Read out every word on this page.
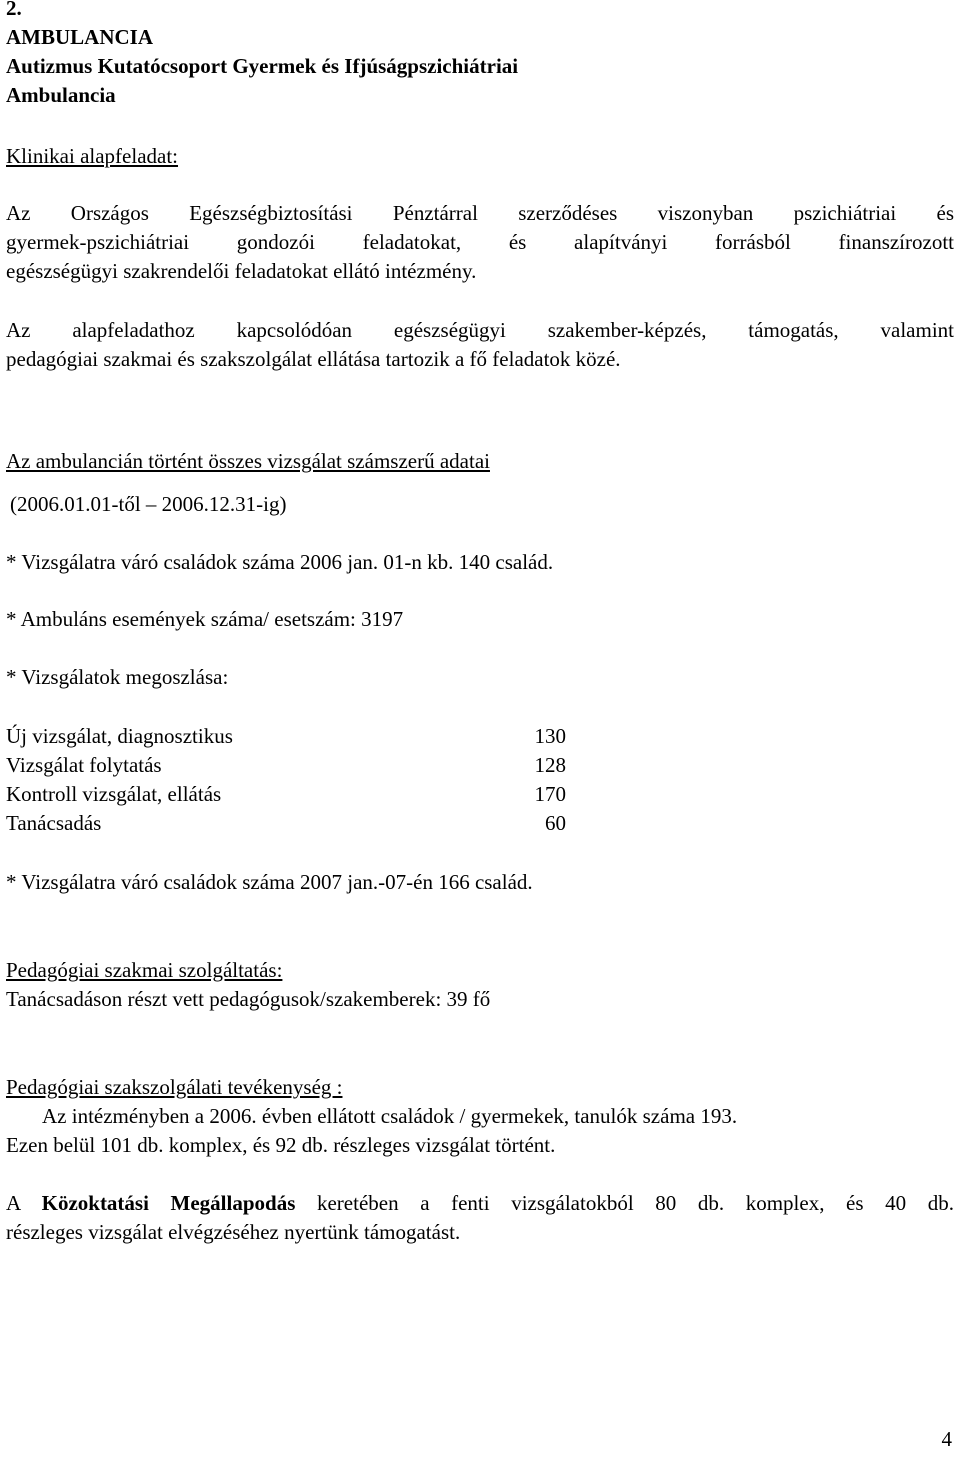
2.
AMBULANCIA
Autizmus Kutatócsoport Gyermek és Ifjúságpszichiátriai
Ambulancia
Klinikai alapfeladat:
Az Országos Egészségbiztosítási Pénztárral szerződéses viszonyban pszichiátriai és
gyermek-pszichiátriai gondozói feladatokat, és alapítványi forrásból finanszírozott
egészségügyi szakrendelői feladatokat ellátó intézmény.
Az alapfeladathoz kapcsolódóan egészségügyi szakember-képzés, támogatás, valamint
pedagógiai szakmai és szakszolgálat ellátása tartozik a fő feladatok közé.
Az ambulancián történt összes vizsgálat számszerű adatai
(2006.01.01-től – 2006.12.31-ig)
* Vizsgálatra váró családok száma 2006 jan. 01-n kb. 140 család.
* Ambuláns események száma/ esetszám: 3197
* Vizsgálatok megoszlása:
Új vizsgálat, diagnosztikus	130
Vizsgálat folytatás	128
Kontroll vizsgálat, ellátás	170
Tanácsadás	60
* Vizsgálatra váró családok száma 2007 jan.-07-én 166 család.
Pedagógiai szakmai szolgáltatás:
Tanácsadáson részt vett pedagógusok/szakemberek: 39 fő
Pedagógiai szakszolgálati tevékenység :
Az intézményben a 2006. évben ellátott családok / gyermekek, tanulók száma 193.
Ezen belül 101 db. komplex, és 92 db. részleges vizsgálat történt.
A Közoktatási Megállapodás keretében a fenti vizsgálatokból 80 db. komplex, és 40 db.
részleges vizsgálat elvégzéséhez nyertünk támogatást.
4
